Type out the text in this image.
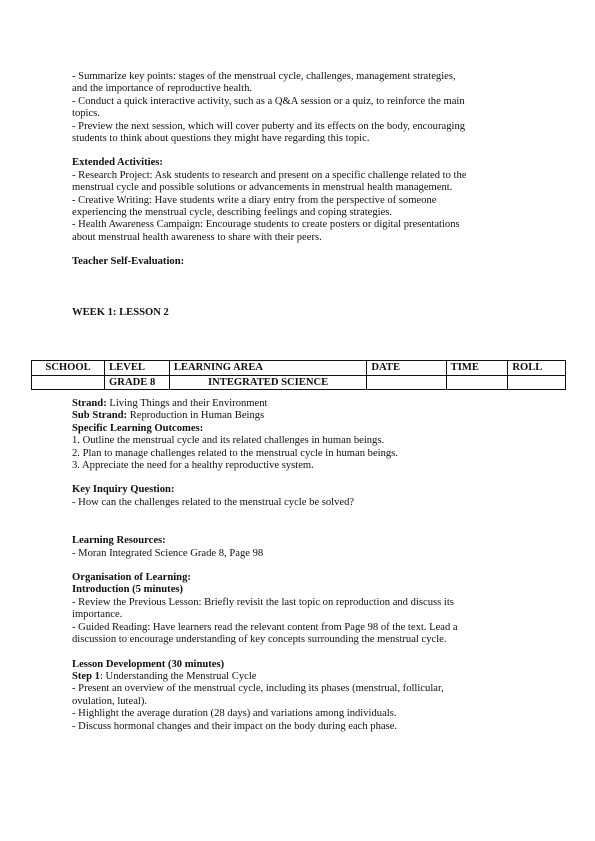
- Summarize key points: stages of the menstrual cycle, challenges, management strategies,

and the importance of reproductive health.

- Conduct a quick interactive activity, such as a Q&A session or a quiz, to reinforce the main

topics.

- Preview the next session, which will cover puberty and its effects on the body, encouraging

students to think about questions they might have regarding this topic.

Extended Activities:

- Research Project: Ask students to research and present on a specific challenge related to the

menstrual cycle and possible solutions or advancements in menstrual health management.

- Creative Writing: Have students write a diary entry from the perspective of someone

experiencing the menstrual cycle, describing feelings and coping strategies.

- Health Awareness Campaign: Encourage students to create posters or digital presentations

about menstrual health awareness to share with their peers.

Teacher Self-Evaluation:

WEEK 1: LESSON 2

SCHOOL	LEVEL	LEARNING AREA	DATE	TIME	ROLL
	GRADE 8	INTEGRATED SCIENCE			

Strand: Living Things and their Environment

Sub Strand: Reproduction in Human Beings

Specific Learning Outcomes:

1. Outline the menstrual cycle and its related challenges in human beings.

2. Plan to manage challenges related to the menstrual cycle in human beings.

3. Appreciate the need for a healthy reproductive system.

Key Inquiry Question:

- How can the challenges related to the menstrual cycle be solved?

Learning Resources:

- Moran Integrated Science Grade 8, Page 98

Organisation of Learning:

Introduction (5 minutes)

- Review the Previous Lesson: Briefly revisit the last topic on reproduction and discuss its

importance.

- Guided Reading: Have learners read the relevant content from Page 98 of the text. Lead a

discussion to encourage understanding of key concepts surrounding the menstrual cycle.

Lesson Development (30 minutes)

Step 1: Understanding the Menstrual Cycle

- Present an overview of the menstrual cycle, including its phases (menstrual, follicular,

ovulation, luteal).

- Highlight the average duration (28 days) and variations among individuals.

- Discuss hormonal changes and their impact on the body during each phase.
